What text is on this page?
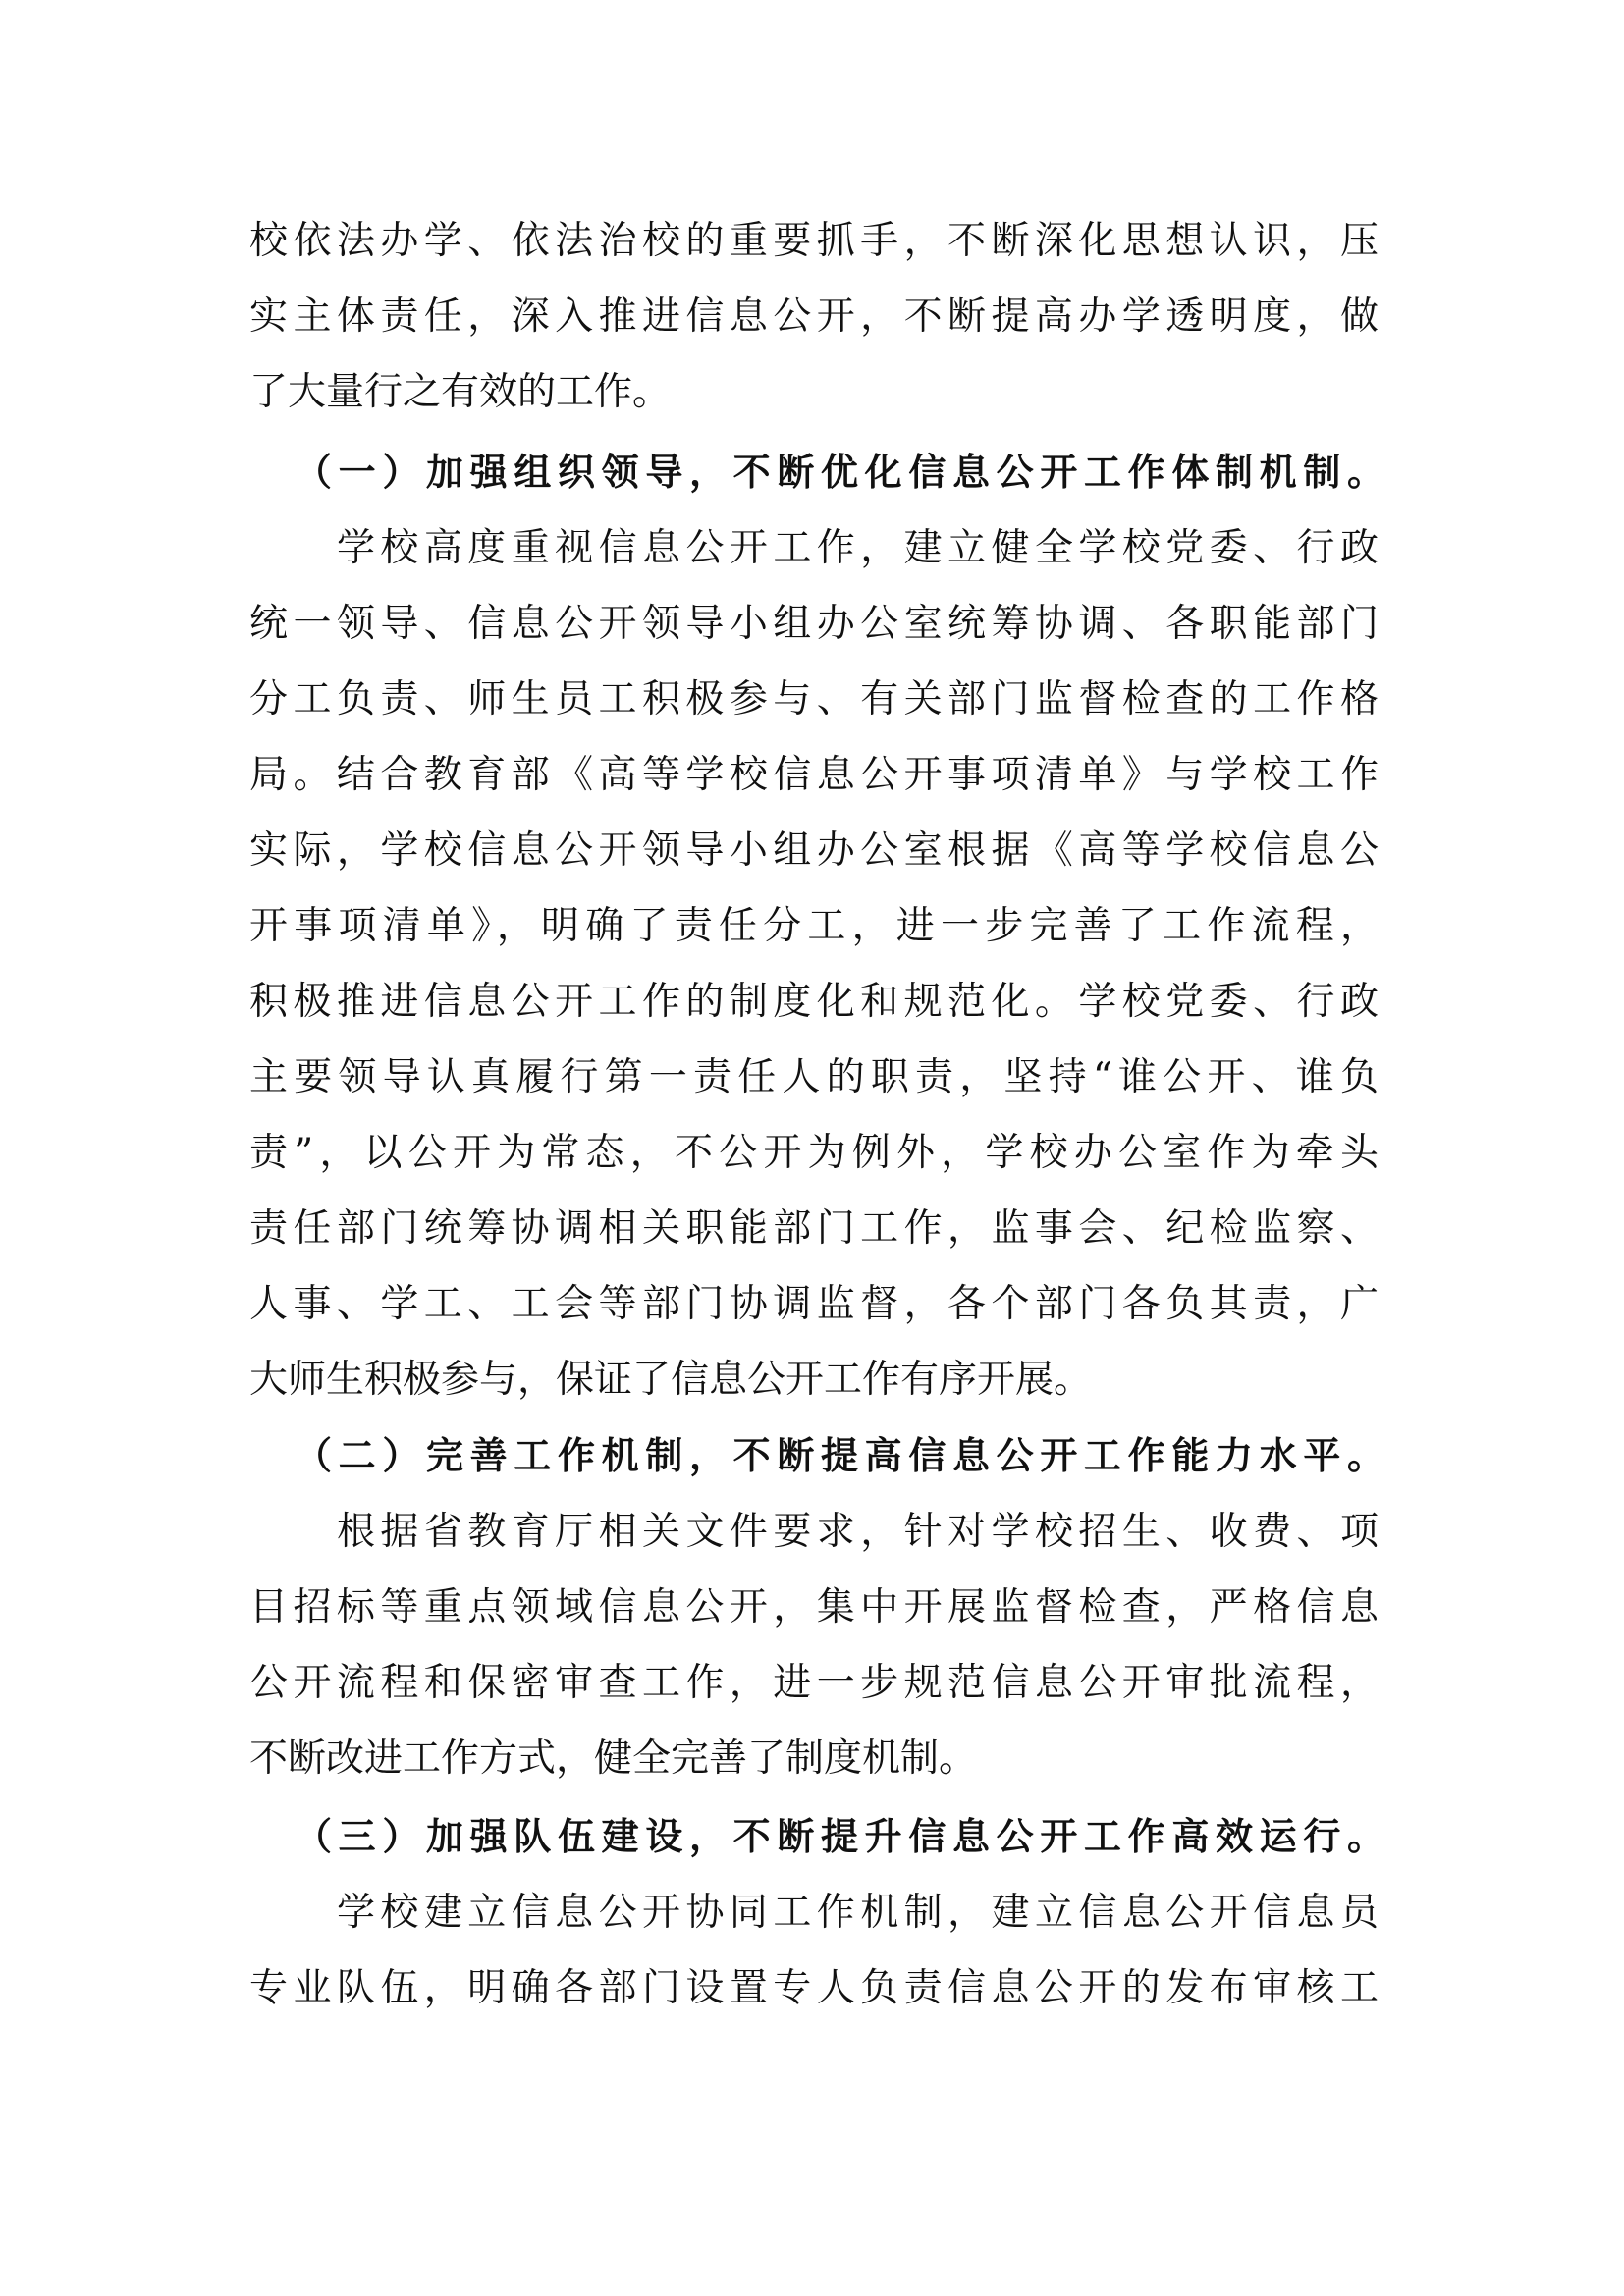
校依法办学、依法治校的重要抓手，不断深化思想认识，压
实主体责任，深入推进信息公开，不断提高办学透明度，做
了大量行之有效的工作。
（一）加强组织领导，不断优化信息公开工作体制机制。
学校高度重视信息公开工作，建立健全学校党委、行政
统一领导、信息公开领导小组办公室统筹协调、各职能部门
分工负责、师生员工积极参与、有关部门监督检查的工作格
局。结合教育部《高等学校信息公开事项清单》与学校工作
实际，学校信息公开领导小组办公室根据《高等学校信息公
开事项清单》，明确了责任分工，进一步完善了工作流程，
积极推进信息公开工作的制度化和规范化。学校党委、行政
主要领导认真履行第一责任人的职责，坚持“谁公开、谁负
责”，以公开为常态，不公开为例外，学校办公室作为牵头
责任部门统筹协调相关职能部门工作，监事会、纪检监察、
人事、学工、工会等部门协调监督，各个部门各负其责，广
大师生积极参与，保证了信息公开工作有序开展。
（二）完善工作机制，不断提高信息公开工作能力水平。
根据省教育厅相关文件要求，针对学校招生、收费、项
目招标等重点领域信息公开，集中开展监督检查，严格信息
公开流程和保密审查工作，进一步规范信息公开审批流程，
不断改进工作方式，健全完善了制度机制。
（三）加强队伍建设，不断提升信息公开工作高效运行。
学校建立信息公开协同工作机制，建立信息公开信息员
专业队伍，明确各部门设置专人负责信息公开的发布审核工
